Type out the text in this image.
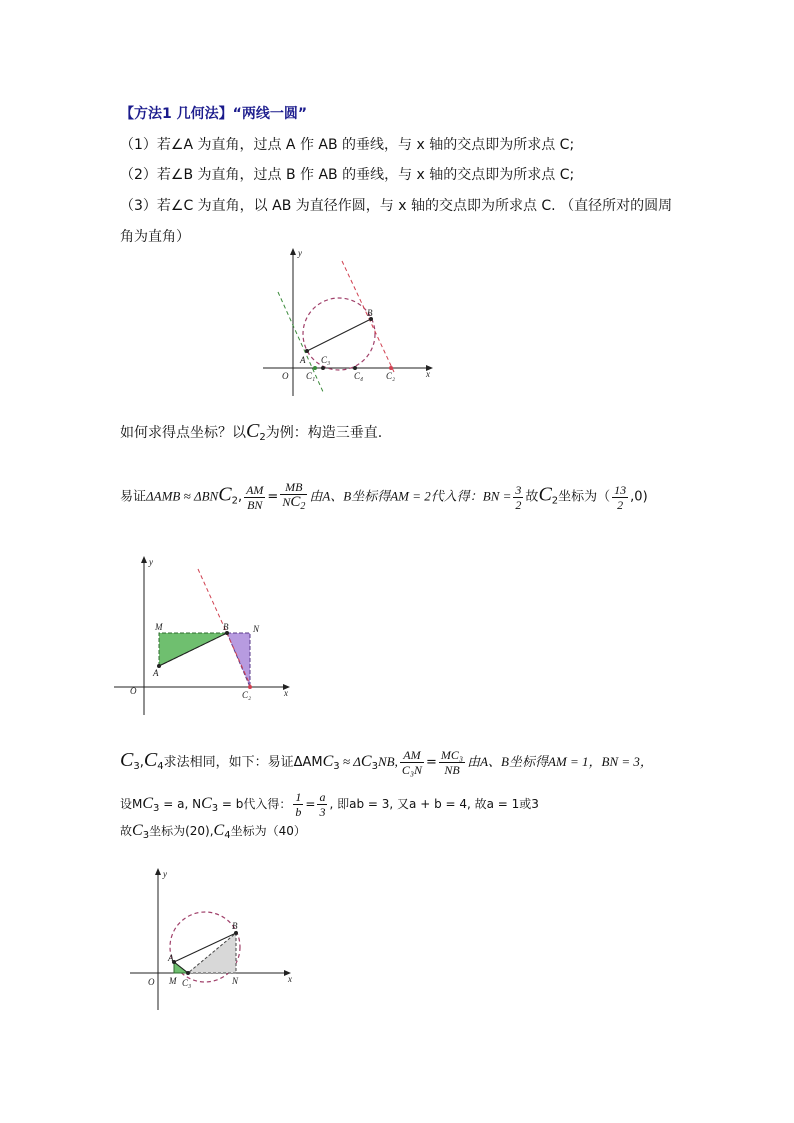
【方法1 几何法】“两线一圆”
（1）若∠A 为直角，过点 A 作 AB 的垂线，与 x 轴的交点即为所求点 C;
（2）若∠B 为直角，过点 B 作 AB 的垂线，与 x 轴的交点即为所求点 C;
（3）若∠C 为直角，以 AB 为直径作圆，与 x 轴的交点即为所求点 C. （直径所对的圆周
角为直角）
y
x
O
A
B
C₃
C₁	C₄	C₂
如何求得点坐标？以$C_2$为例：构造三垂直.
易证$\Delta AMB \approx \Delta BNC_2$, $\frac{AM}{BN} = \frac{MB}{NC_2}$ 由A、B坐标得AM = 2代入得：BN = $\frac{3}{2}$ 故$C_2$坐标为（ $\frac{13}{2} ,0$)
y
x
O
M	B	N
A
C₂
$C_3,C_4$求法相同，如下：易证$\Delta AMC_3 \approx \Delta C_3NB$, $\frac{AM}{\text{C₃N}} = \frac{\text{MC₃}}{NB}$ 由A、B坐标得AM = 1，BN = 3，
设$MC_3 = a$, $NC_3 = b$代入得： $\frac{1}{b} = \frac{a}{3}$ , 即ab = 3, 又a + b = 4, 故a = 1或3
故$C_3$坐标为$(20),C_4$坐标为（40）
y
x
O
A
B
M C₃	N
